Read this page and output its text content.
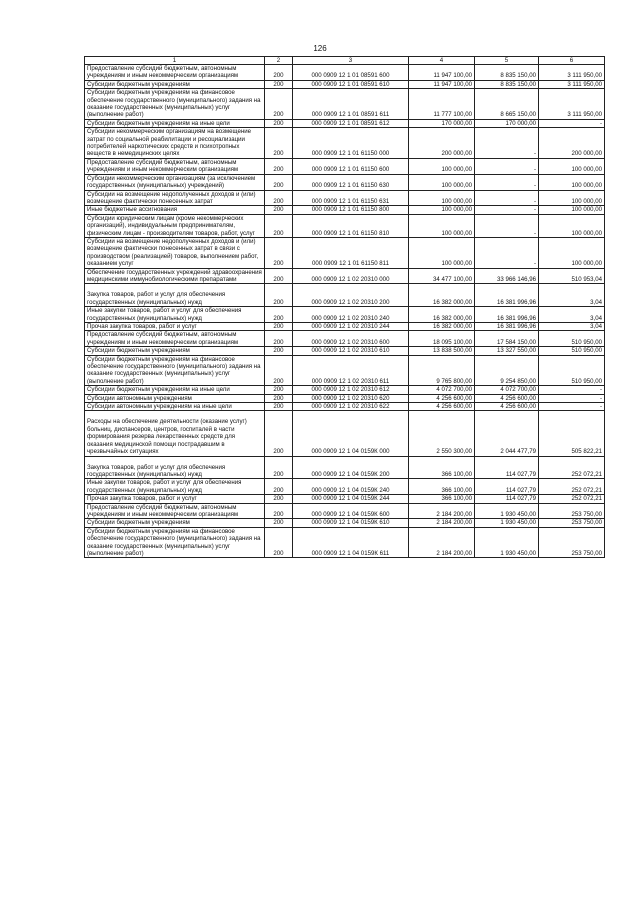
126
1	2	3	4	5	6
Предоставление субсидий бюджетным, автономным учреждениям и иным некоммерческим организациям	200	000 0909 12 1 01 08591 600	11 947 100,00	8 835 150,00	3 111 950,00
Субсидии бюджетным учреждениям	200	000 0909 12 1 01 08591 610	11 947 100,00	8 835 150,00	3 111 950,00
Субсидии бюджетным учреждениям на финансовое обеспечение государственного (муниципального) задания на оказание государственных (муниципальных) услуг (выполнение работ)	200	000 0909 12 1 01 08591 611	11 777 100,00	8 665 150,00	3 111 950,00
Субсидии бюджетным учреждениям на иные цели	200	000 0909 12 1 01 08591 612	170 000,00	170 000,00	-
Субсидии некоммерческим организациям на возмещение затрат по социальной реабилитации и ресоциализации потребителей наркотических средств и психотропных веществ в немедицинских целях	200	000 0909 12 1 01 61150 000	200 000,00	-	200 000,00
Предоставление субсидий бюджетным, автономным учреждениям и иным некоммерческим организациям	200	000 0909 12 1 01 61150 600	100 000,00	-	100 000,00
Субсидии некоммерческим организациям (за исключением государственных (муниципальных) учреждений)	200	000 0909 12 1 01 61150 630	100 000,00	-	100 000,00
Субсидии на возмещение недополученных доходов и (или) возмещение фактически понесенных затрат	200	000 0909 12 1 01 61150 631	100 000,00	-	100 000,00
Иные бюджетные ассигнования	200	000 0909 12 1 01 61150 800	100 000,00	-	100 000,00
Субсидии юридическим лицам (кроме некоммерческих организаций), индивидуальным предпринимателям, физическим лицам - производителям товаров, работ, услуг	200	000 0909 12 1 01 61150 810	100 000,00	-	100 000,00
Субсидии на возмещение недополученных доходов и (или) возмещение фактически понесенных затрат в связи с производством (реализацией) товаров, выполнением работ, оказанием услуг	200	000 0909 12 1 01 61150 811	100 000,00	-	100 000,00
Обеспечение государственных учреждений здравоохранения медицинскими иммунобиологическими препаратами	200	000 0909 12 1 02 20310 000	34 477 100,00	33 966 146,96	510 953,04
Закупка товаров, работ и услуг для обеспечения государственных (муниципальных) нужд	200	000 0909 12 1 02 20310 200	16 382 000,00	16 381 996,96	3,04
Иные закупки товаров, работ и услуг для обеспечения государственных (муниципальных) нужд	200	000 0909 12 1 02 20310 240	16 382 000,00	16 381 996,96	3,04
Прочая закупка товаров, работ и услуг	200	000 0909 12 1 02 20310 244	16 382 000,00	16 381 996,96	3,04
Предоставление субсидий бюджетным, автономным учреждениям и иным некоммерческим организациям	200	000 0909 12 1 02 20310 600	18 095 100,00	17 584 150,00	510 950,00
Субсидии бюджетным учреждениям	200	000 0909 12 1 02 20310 610	13 838 500,00	13 327 550,00	510 950,00
Субсидии бюджетным учреждениям на финансовое обеспечение государственного (муниципального) задания на оказание государственных (муниципальных) услуг (выполнение работ)	200	000 0909 12 1 02 20310 611	9 765 800,00	9 254 850,00	510 950,00
Субсидии бюджетным учреждениям на иные цели	200	000 0909 12 1 02 20310 612	4 072 700,00	4 072 700,00	-
Субсидии автономным учреждениям	200	000 0909 12 1 02 20310 620	4 256 600,00	4 256 600,00	-
Субсидии автономным учреждениям на иные цели	200	000 0909 12 1 02 20310 622	4 256 600,00	4 256 600,00	-
Расходы на обеспечение деятельности (оказание услуг) больниц, диспансеров, центров, госпиталей в части формирования резерва лекарственных средств для оказания медицинской помощи пострадавшим в чрезвычайных ситуациях	200	000 0909 12 1 04 0159К 000	2 550 300,00	2 044 477,79	505 822,21
Закупка товаров, работ и услуг для обеспечения государственных (муниципальных) нужд	200	000 0909 12 1 04 0159К 200	366 100,00	114 027,79	252 072,21
Иные закупки товаров, работ и услуг для обеспечения государственных (муниципальных) нужд	200	000 0909 12 1 04 0159К 240	366 100,00	114 027,79	252 072,21
Прочая закупка товаров, работ и услуг	200	000 0909 12 1 04 0159К 244	366 100,00	114 027,79	252 072,21
Предоставление субсидий бюджетным, автономным учреждениям и иным некоммерческим организациям	200	000 0909 12 1 04 0159К 600	2 184 200,00	1 930 450,00	253 750,00
Субсидии бюджетным учреждениям	200	000 0909 12 1 04 0159К 610	2 184 200,00	1 930 450,00	253 750,00
Субсидии бюджетным учреждениям на финансовое обеспечение государственного (муниципального) задания на оказание государственных (муниципальных) услуг (выполнение работ)	200	000 0909 12 1 04 0159К 611	2 184 200,00	1 930 450,00	253 750,00
